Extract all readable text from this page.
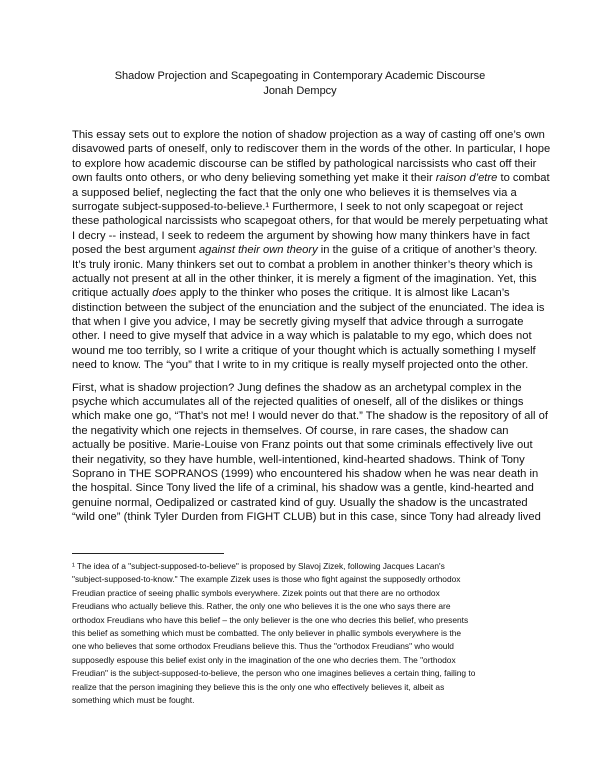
Shadow Projection and Scapegoating in Contemporary Academic Discourse
Jonah Dempcy
This essay sets out to explore the notion of shadow projection as a way of casting off one’s own
disavowed parts of oneself, only to rediscover them in the words of the other. In particular, I hope
to explore how academic discourse can be stifled by pathological narcissists who cast off their
own faults onto others, or who deny believing something yet make it their raison d’etre to combat
a supposed belief, neglecting the fact that the only one who believes it is themselves via a
surrogate subject-supposed-to-believe.¹ Furthermore, I seek to not only scapegoat or reject
these pathological narcissists who scapegoat others, for that would be merely perpetuating what
I decry -- instead, I seek to redeem the argument by showing how many thinkers have in fact
posed the best argument against their own theory in the guise of a critique of another’s theory.
It’s truly ironic. Many thinkers set out to combat a problem in another thinker’s theory which is
actually not present at all in the other thinker, it is merely a figment of the imagination. Yet, this
critique actually does apply to the thinker who poses the critique. It is almost like Lacan’s
distinction between the subject of the enunciation and the subject of the enunciated. The idea is
that when I give you advice, I may be secretly giving myself that advice through a surrogate
other. I need to give myself that advice in a way which is palatable to my ego, which does not
wound me too terribly, so I write a critique of your thought which is actually something I myself
need to know. The “you” that I write to in my critique is really myself projected onto the other.
First, what is shadow projection? Jung defines the shadow as an archetypal complex in the
psyche which accumulates all of the rejected qualities of oneself, all of the dislikes or things
which make one go, “That’s not me! I would never do that.” The shadow is the repository of all of
the negativity which one rejects in themselves. Of course, in rare cases, the shadow can
actually be positive. Marie-Louise von Franz points out that some criminals effectively live out
their negativity, so they have humble, well-intentioned, kind-hearted shadows. Think of Tony
Soprano in THE SOPRANOS (1999) who encountered his shadow when he was near death in
the hospital. Since Tony lived the life of a criminal, his shadow was a gentle, kind-hearted and
genuine normal, Oedipalized or castrated kind of guy. Usually the shadow is the uncastrated
“wild one” (think Tyler Durden from FIGHT CLUB) but in this case, since Tony had already lived
¹ The idea of a "subject-supposed-to-believe" is proposed by Slavoj Zizek, following Jacques Lacan's
"subject-supposed-to-know." The example Zizek uses is those who fight against the supposedly orthodox
Freudian practice of seeing phallic symbols everywhere. Zizek points out that there are no orthodox
Freudians who actually believe this. Rather, the only one who believes it is the one who says there are
orthodox Freudians who have this belief – the only believer is the one who decries this belief, who presents
this belief as something which must be combatted. The only believer in phallic symbols everywhere is the
one who believes that some orthodox Freudians believe this. Thus the "orthodox Freudians" who would
supposedly espouse this belief exist only in the imagination of the one who decries them. The "orthodox
Freudian" is the subject-supposed-to-believe, the person who one imagines believes a certain thing, failing to
realize that the person imagining they believe this is the only one who effectively believes it, albeit as
something which must be fought.
